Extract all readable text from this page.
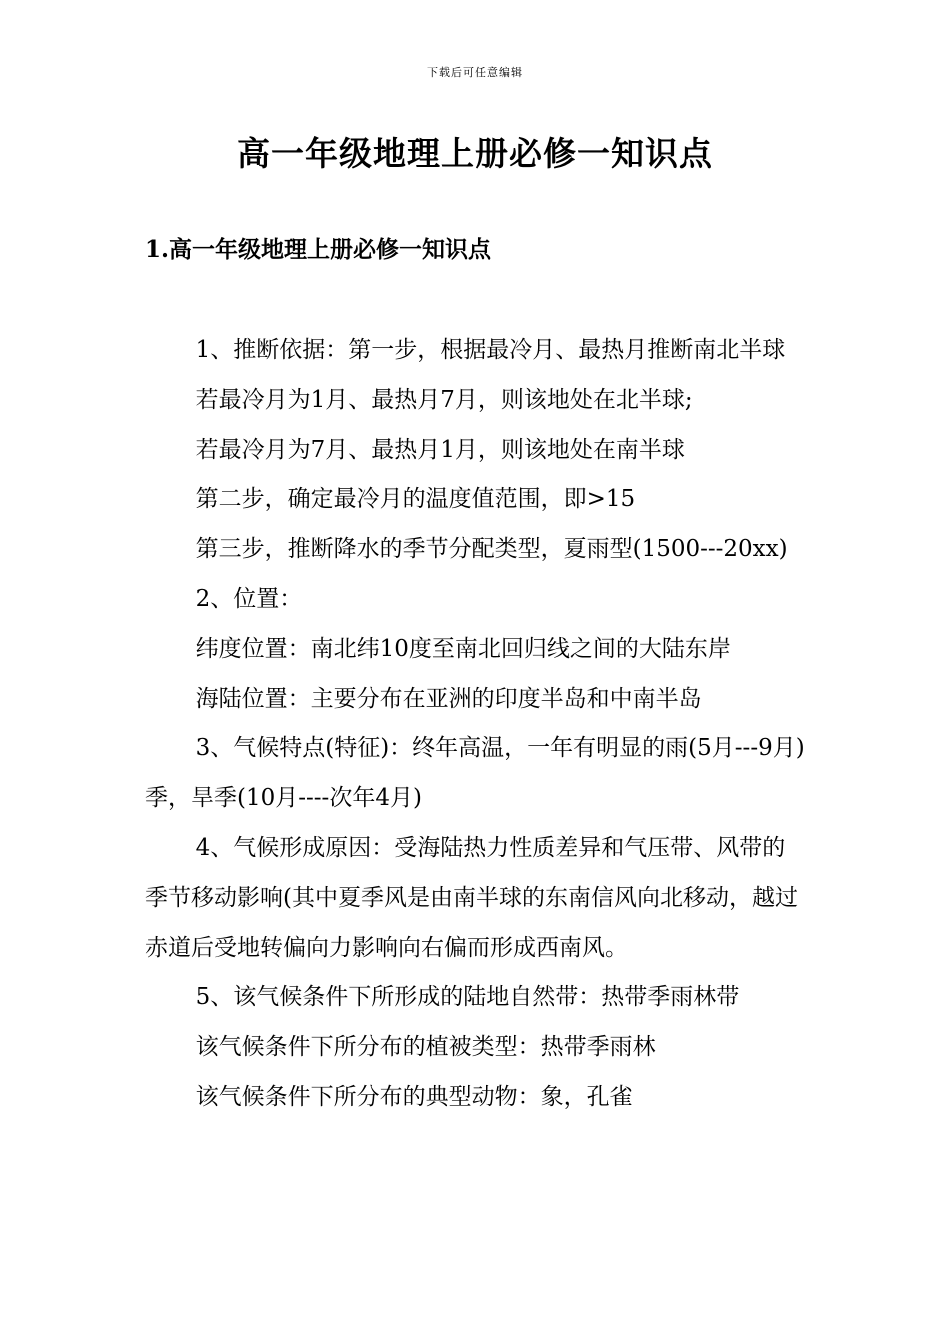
下载后可任意编辑
高一年级地理上册必修一知识点
1.高一年级地理上册必修一知识点

1、推断依据：第一步，根据最冷月、最热月推断南北半球

若最冷月为1月、最热月7月，则该地处在北半球;

若最冷月为7月、最热月1月，则该地处在南半球

第二步，确定最冷月的温度值范围，即>15

第三步，推断降水的季节分配类型，夏雨型(1500---20xx)

2、位置：

纬度位置：南北纬10度至南北回归线之间的大陆东岸

海陆位置：主要分布在亚洲的印度半岛和中南半岛

3、气候特点(特征)：终年高温，一年有明显的雨(5月---9月)季，旱季(10月----次年4月)

4、气候形成原因：受海陆热力性质差异和气压带、风带的季节移动影响(其中夏季风是由南半球的东南信风向北移动，越过赤道后受地转偏向力影响向右偏而形成西南风。

5、该气候条件下所形成的陆地自然带：热带季雨林带

该气候条件下所分布的植被类型：热带季雨林

该气候条件下所分布的典型动物：象，孔雀
